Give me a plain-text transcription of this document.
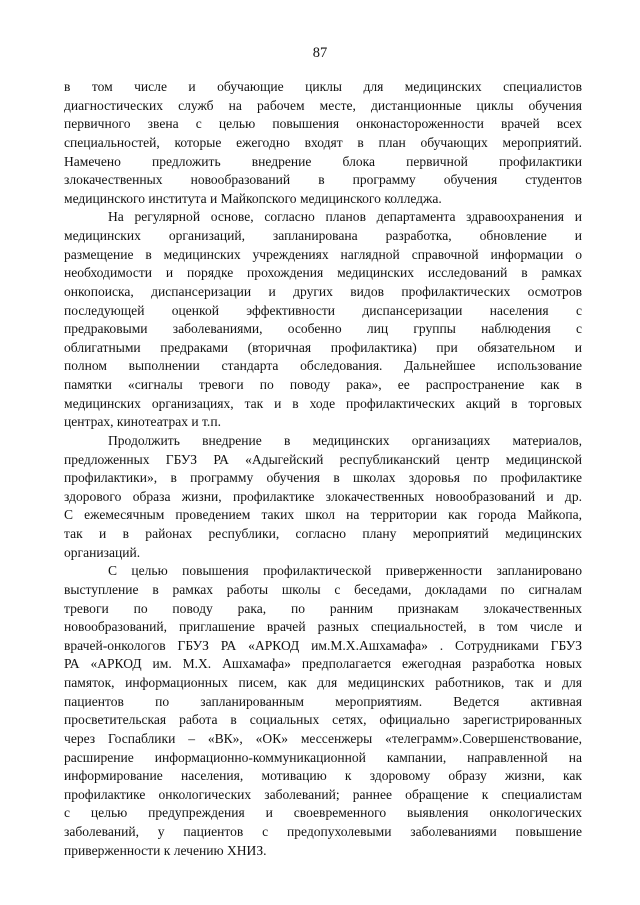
87
в том числе и обучающие циклы для медицинских специалистов
диагностических служб на рабочем месте, дистанционные циклы обучения
первичного звена с целью повышения онконастороженности врачей всех
специальностей, которые ежегодно входят в план обучающих мероприятий.
Намечено предложить внедрение блока первичной профилактики
злокачественных новообразований в программу обучения студентов
медицинского института и Майкопского медицинского колледжа.
На регулярной основе, согласно планов департамента здравоохранения и
медицинских организаций, запланирована разработка, обновление и
размещение в медицинских учреждениях наглядной справочной информации о
необходимости и порядке прохождения медицинских исследований в рамках
онкопоиска, диспансеризации и других видов профилактических осмотров
последующей оценкой эффективности диспансеризации населения с
предраковыми заболеваниями, особенно лиц группы наблюдения с
облигатными предраками (вторичная профилактика) при обязательном и
полном выполнении стандарта обследования. Дальнейшее использование
памятки «сигналы тревоги по поводу рака», ее распространение как в
медицинских организациях, так и в ходе профилактических акций в торговых
центрах, кинотеатрах и т.п.
Продолжить внедрение в медицинских организациях материалов,
предложенных ГБУЗ РА «Адыгейский республиканский центр медицинской
профилактики», в программу обучения в школах здоровья по профилактике
здорового образа жизни, профилактике злокачественных новообразований и др.
С ежемесячным проведением таких школ на территории как города Майкопа,
так и в районах республики, согласно плану мероприятий медицинских
организаций.
С целью повышения профилактической приверженности запланировано
выступление в рамках работы школы с беседами, докладами по сигналам
тревоги по поводу рака, по ранним признакам злокачественных
новообразований, приглашение врачей разных специальностей, в том числе и
врачей-онкологов ГБУЗ РА «АРКОД им.М.Х.Ашхамафа» . Сотрудниками ГБУЗ
РА «АРКОД им. М.Х. Ашхамафа» предполагается ежегодная разработка новых
памяток, информационных писем, как для медицинских работников, так и для
пациентов по запланированным мероприятиям. Ведется активная
просветительская работа в социальных сетях, официально зарегистрированных
через Госпаблики – «ВК», «ОК» мессенжеры «телеграмм».Совершенствование,
расширение информационно-коммуникационной кампании, направленной на
информирование населения, мотивацию к здоровому образу жизни, как
профилактике онкологических заболеваний; раннее обращение к специалистам
с целью предупреждения и своевременного выявления онкологических
заболеваний, у пациентов с предопухолевыми заболеваниями повышение
приверженности к лечению ХНИЗ.
